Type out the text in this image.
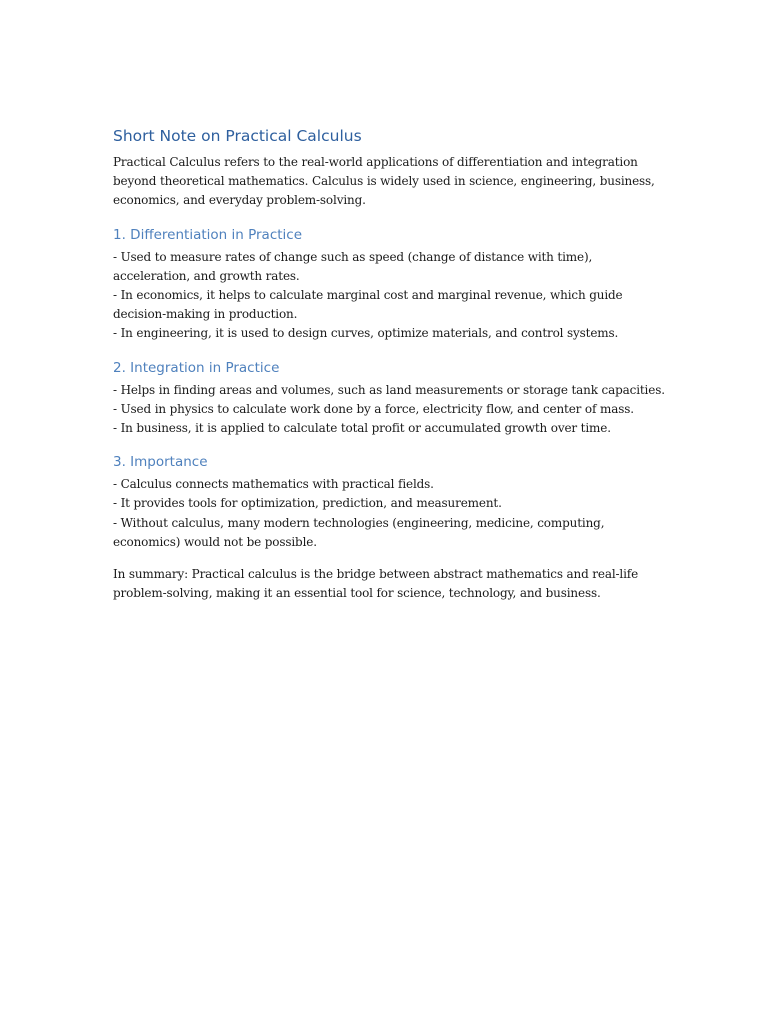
Short Note on Practical Calculus

Practical Calculus refers to the real-world applications of differentiation and integration
beyond theoretical mathematics. Calculus is widely used in science, engineering, business,
economics, and everyday problem-solving.

1. Differentiation in Practice

- Used to measure rates of change such as speed (change of distance with time),
acceleration, and growth rates.
- In economics, it helps to calculate marginal cost and marginal revenue, which guide
decision-making in production.
- In engineering, it is used to design curves, optimize materials, and control systems.

2. Integration in Practice

- Helps in finding areas and volumes, such as land measurements or storage tank capacities.
- Used in physics to calculate work done by a force, electricity flow, and center of mass.
- In business, it is applied to calculate total profit or accumulated growth over time.

3. Importance

- Calculus connects mathematics with practical fields.
- It provides tools for optimization, prediction, and measurement.
- Without calculus, many modern technologies (engineering, medicine, computing,
economics) would not be possible.

In summary: Practical calculus is the bridge between abstract mathematics and real-life
problem-solving, making it an essential tool for science, technology, and business.
